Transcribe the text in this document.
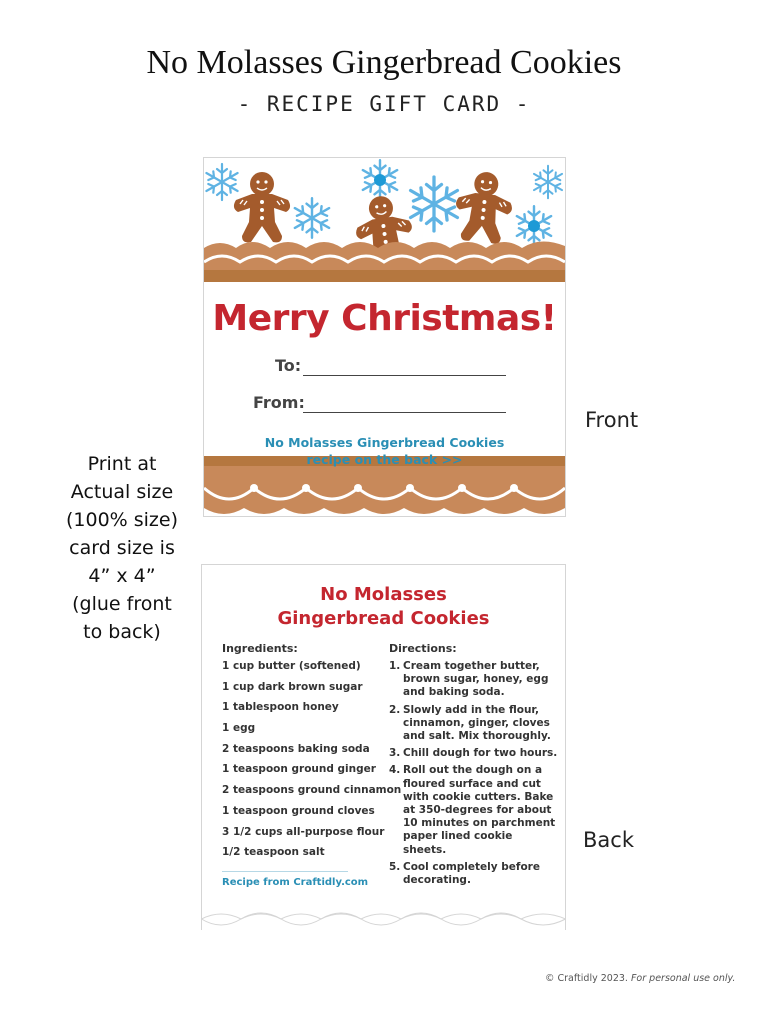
No Molasses Gingerbread Cookies
- RECIPE GIFT CARD -
Print at
Actual size
(100% size)
card size is
4” x 4”
(glue front
to back)
Merry Christmas!
To:
From:
No Molasses Gingerbread Cookies
recipe on the back >>
Front
No Molasses
Gingerbread Cookies
Ingredients:
1 cup butter (softened)
1 cup dark brown sugar
1 tablespoon honey
1 egg
2 teaspoons baking soda
1 teaspoon ground ginger
2 teaspoons ground cinnamon
1 teaspoon ground cloves
3 1/2 cups all-purpose flour
1/2 teaspoon salt
Recipe from Craftidly.com
Directions:
1. Cream together butter, brown sugar, honey, egg and baking soda.
2. Slowly add in the flour, cinnamon, ginger, cloves and salt. Mix thoroughly.
3. Chill dough for two hours.
4. Roll out the dough on a floured surface and cut with cookie cutters. Bake at 350-degrees for about 10 minutes on parchment paper lined cookie sheets.
5. Cool completely before decorating.
Back
© Craftidly 2023. For personal use only.
